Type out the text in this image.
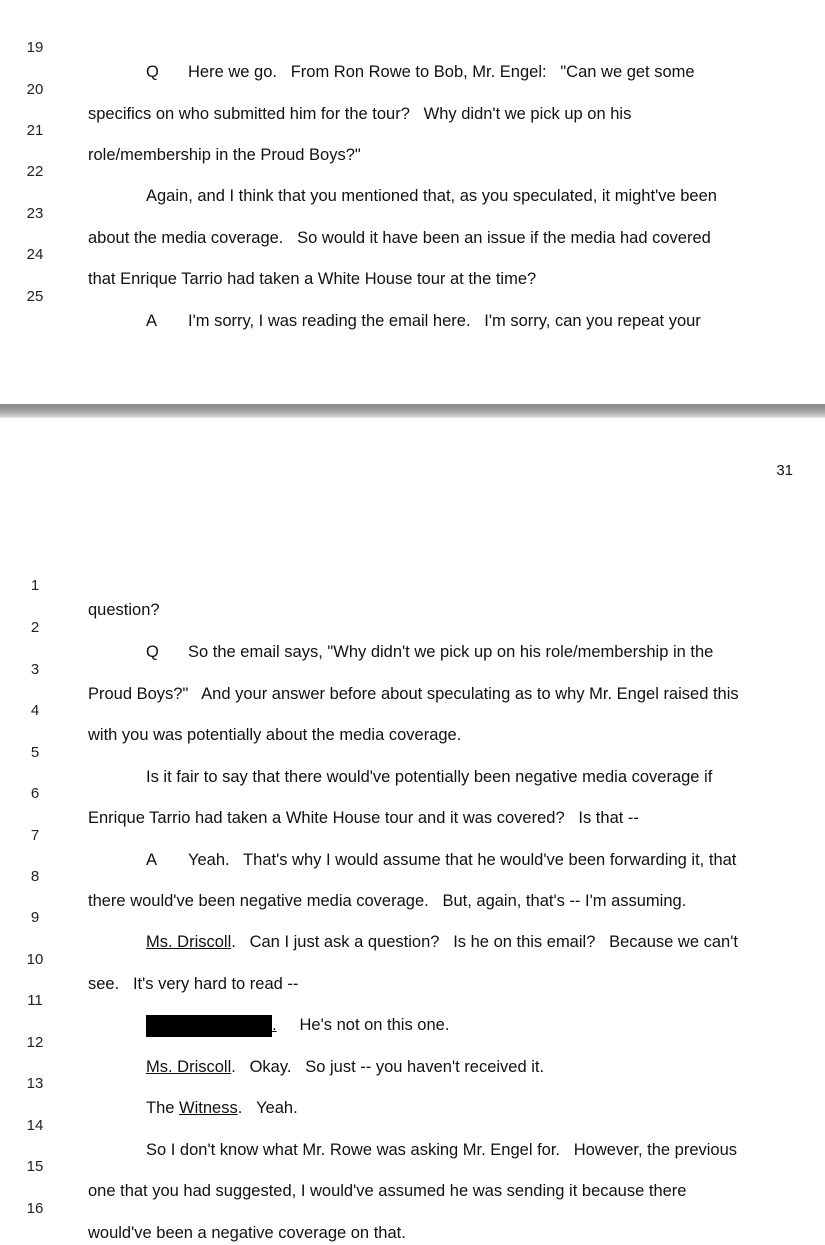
19

Q Here we go.   From Ron Rowe to Bob, Mr. Engel:   "Can we get some

20

specifics on who submitted him for the tour?   Why didn't we pick up on his

21

role/membership in the Proud Boys?"

22

Again, and I think that you mentioned that, as you speculated, it might've been

23

about the media coverage.   So would it have been an issue if the media had covered

24

that Enrique Tarrio had taken a White House tour at the time?

25

A I'm sorry, I was reading the email here.   I'm sorry, can you repeat your

31

1

question?

2

Q So the email says, "Why didn't we pick up on his role/membership in the

3

Proud Boys?"   And your answer before about speculating as to why Mr. Engel raised this

4

with you was potentially about the media coverage.

5

Is it fair to say that there would've potentially been negative media coverage if

6

Enrique Tarrio had taken a White House tour and it was covered?   Is that --

7

A Yeah.   That's why I would assume that he would've been forwarding it, that

8

there would've been negative media coverage.   But, again, that's -- I'm assuming.

9

Ms. Driscoll.   Can I just ask a question?   Is he on this email?   Because we can't

10

see.   It's very hard to read --

11

. He's not on this one.

12

Ms. Driscoll.   Okay.   So just -- you haven't received it.

13

The Witness.   Yeah.

14

So I don't know what Mr. Rowe was asking Mr. Engel for.   However, the previous

15

one that you had suggested, I would've assumed he was sending it because there

16

would've been a negative coverage on that.
